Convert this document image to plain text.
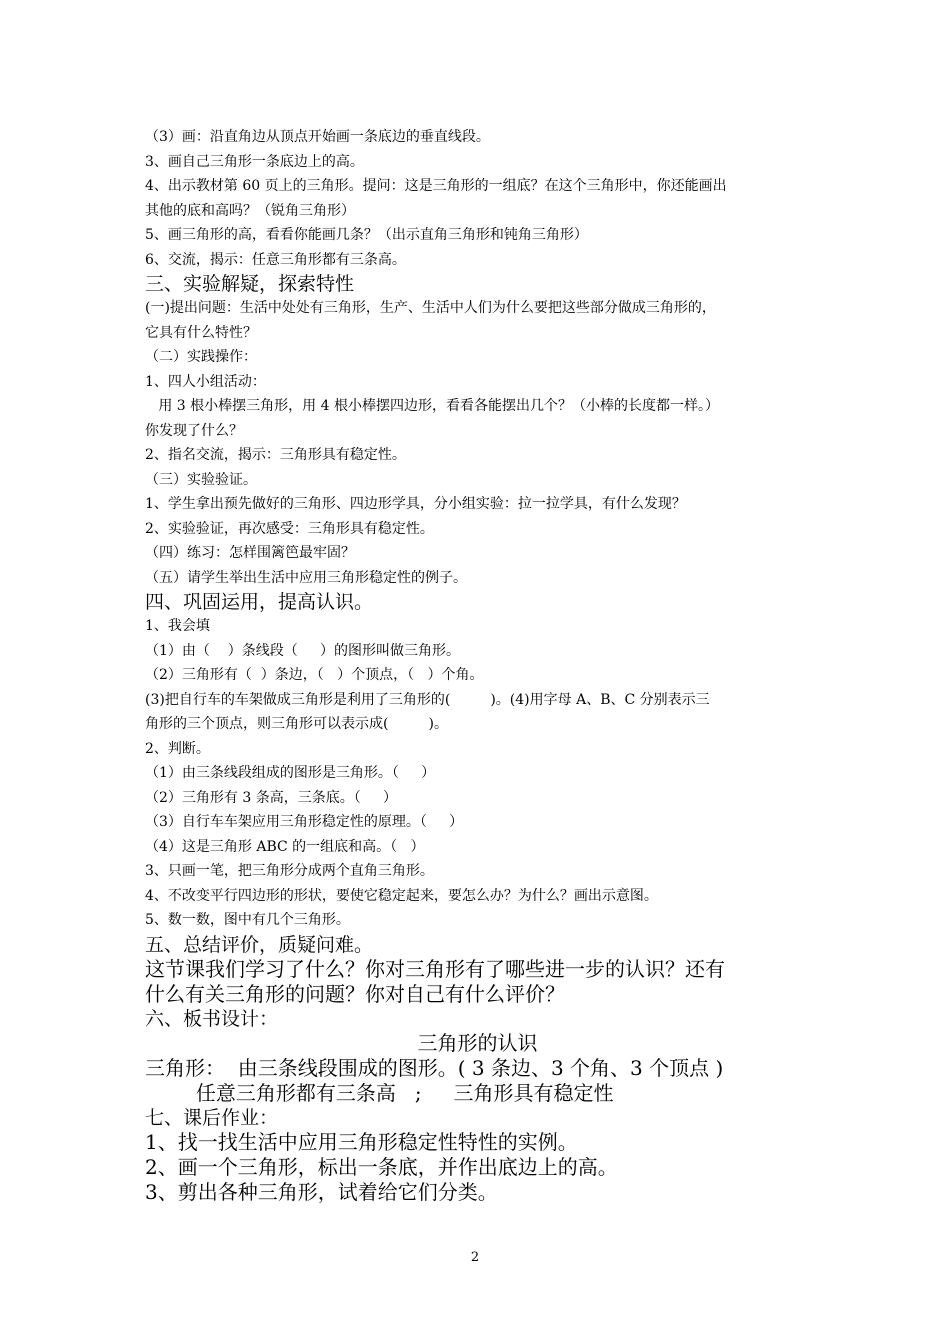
（3）画：沿直角边从顶点开始画一条底边的垂直线段。
3、画自己三角形一条底边上的高。
4、出示教材第 60 页上的三角形。提问：这是三角形的一组底？在这个三角形中，你还能画出
其他的底和高吗？（锐角三角形）
5、画三角形的高，看看你能画几条？（出示直角三角形和钝角三角形）
6、交流，揭示：任意三角形都有三条高。
三、实验解疑，探索特性
(一)提出问题：生活中处处有三角形，生产、生活中人们为什么要把这些部分做成三角形的，
它具有什么特性？
（二）实践操作：
1、四人小组活动：
用 3 根小棒摆三角形，用 4 根小棒摆四边形，看看各能摆出几个？（小棒的长度都一样。）
你发现了什么？
2、指名交流，揭示：三角形具有稳定性。
（三）实验验证。
1、学生拿出预先做好的三角形、四边形学具，分小组实验：拉一拉学具，有什么发现？
2、实验验证，再次感受：三角形具有稳定性。
（四）练习：怎样围篱笆最牢固？
（五）请学生举出生活中应用三角形稳定性的例子。
四、巩固运用，提高认识。
1、我会填
（1）由（    ）条线段（     ）的图形叫做三角形。
（2）三角形有（  ）条边，（   ）个顶点，（   ）个角。
(3)把自行车的车架做成三角形是利用了三角形的(         )。(4)用字母 A、B、C 分别表示三
角形的三个顶点，则三角形可以表示成(         )。
2、判断。
（1）由三条线段组成的图形是三角形。（     ）
（2）三角形有 3 条高，三条底。（     ）
（3）自行车车架应用三角形稳定性的原理。（     ）
（4）这是三角形 ABC 的一组底和高。（   ）
3、只画一笔，把三角形分成两个直角三角形。
4、不改变平行四边形的形状，要使它稳定起来，要怎么办？为什么？画出示意图。
5、数一数，图中有几个三角形。
五、总结评价，质疑问难。
这节课我们学习了什么？你对三角形有了哪些进一步的认识？还有
什么有关三角形的问题？你对自己有什么评价？
六、板书设计：
三角形的认识
三角形：  由三条线段围成的图形。( 3 条边、3 个角、3 个顶点 )
任意三角形都有三条高   ;     三角形具有稳定性
七、课后作业：
1、找一找生活中应用三角形稳定性特性的实例。
2、画一个三角形，标出一条底，并作出底边上的高。
3、剪出各种三角形，试着给它们分类。
2
